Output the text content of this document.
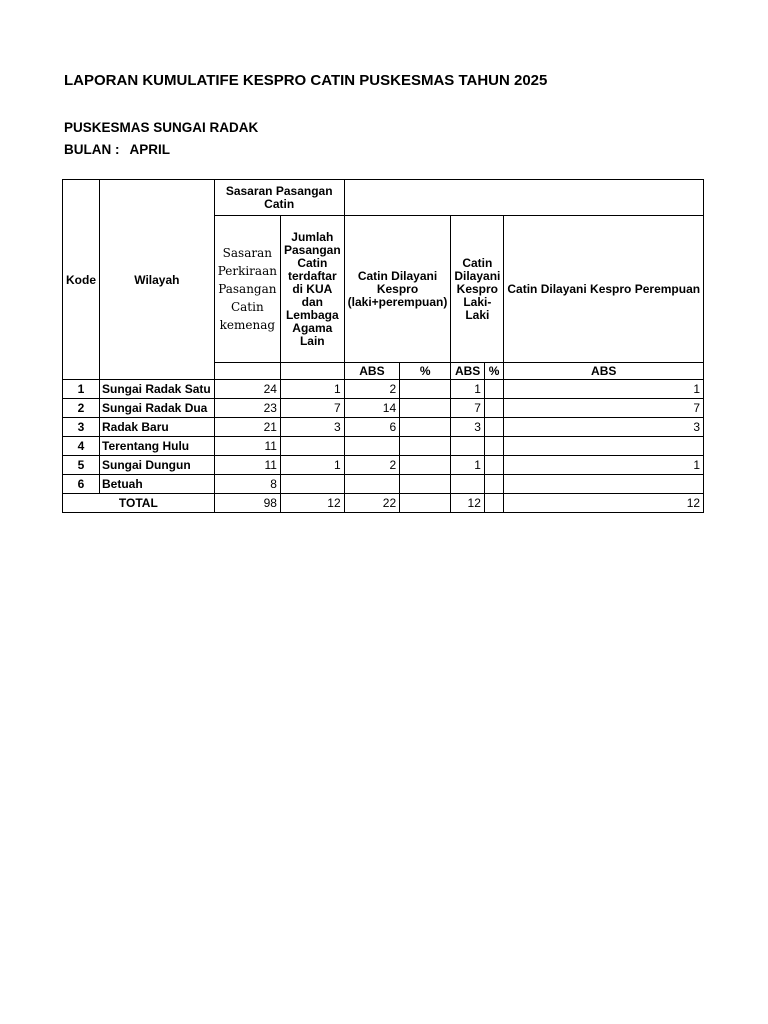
LAPORAN KUMULATIFE KESPRO CATIN PUSKESMAS TAHUN 2025
PUSKESMAS SUNGAI RADAK
BULAN : APRIL
Kode	Wilayah	Sasaran Pasangan Catin						
		Sasaran Perkiraan Pasangan Catin kemenag	Jumlah Pasangan Catin terdaftar di KUA dan Lembaga Agama Lain	Catin Dilayani Kespro (laki+perempuan)		Catin Dilayani Kespro Laki-Laki		Catin Dilayani Kespro Perempuan
				ABS	%	ABS	%	ABS
1	Sungai Radak Satu	24	1	2		1		1
2	Sungai Radak Dua	23	7	14		7		7
3	Radak Baru	21	3	6		3		3
4	Terentang Hulu	11						
5	Sungai Dungun	11	1	2		1		1
6	Betuah	8						
TOTAL		98	12	22		12		12
